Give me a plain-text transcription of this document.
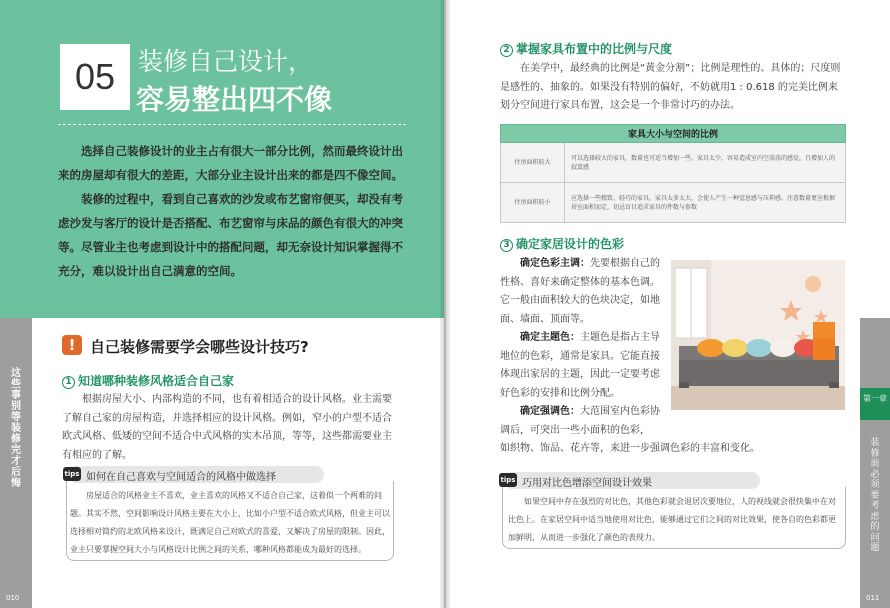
05 装修自己设计，
容易整出四不像

选择自己装修设计的业主占有很大一部分比例，然而最终设计出来的房屋却有很大的差距，大部分业主设计出来的都是四不像空间。

装修的过程中，看到自己喜欢的沙发或布艺窗帘便买，却没有考虑沙发与客厅的设计是否搭配、布艺窗帘与床品的颜色有很大的冲突等。尽管业主也考虑到设计中的搭配问题，却无奈设计知识掌握得不充分，难以设计出自己满意的空间。

这些事别等装修完才后悔
010
! 自己装修需要学会哪些设计技巧?
1 知道哪种装修风格适合自己家

根据房屋大小、内部构造的不同，也有着相适合的设计风格。业主需要了解自己家的房屋构造，并选择相应的设计风格。例如，窄小的户型不适合欧式风格、低矮的空间不适合中式风格的实木吊顶，等等，这些都需要业主有相应的了解。

tips 如何在自己喜欢与空间适合的风格中做选择

房屋适合的风格业主不喜欢，业主喜欢的风格又不适合自己家，这着似一个两难的问题。其实不然，空间影响设计风格主要在大小上，比如小户型不适合欧式风格，但业主可以选择相对简约的北欧风格来设计，既满足自己对欧式的喜爱，又解决了房屋的限制。因此，业主只要掌握空间大小与风格设计比例之间的关系，哪种风格都能成为最好的选择。

装修前必须要考虑的问题
第一章
011
2 掌握家具布置中的比例与尺度

在美学中，最经典的比例是“黄金分割”；比例是理性的、具体的；尺度则是感性的、抽象的。如果没有特别的偏好，不妨就用1 : 0.618 的完美比例来划分空间进行家具布置，这会是一个非常讨巧的办法。

家具大小与空间的比例	
住房面积较大	可以选择较大的家具，数量也可适当增加一些，家具太少，容易造成室内空荡荡的感觉，且增加人的寂寞感
住房面积较小	应选择一些精致、轻巧的家具。家具太多太大，会使人产生一种窒息感与压抑感。注意数量更应根据居室面积而定，切忌盲目追求家具的件数与套数
3 确定家居设计的色彩

确定色彩主调：先要根据自己的性格、喜好来确定整体的基本色调。它一般由面积较大的色块决定，如地面、墙面、顶面等。

确定主题色：主题色是指占主导地位的色彩，通常是家具。它能直接体现出家居的主题，因此一定要考虑好色彩的安排和比例分配。

确定强调色：大范围室内色彩协调后，可突出一些小面积的色彩，

如织物、饰品、花卉等，来进一步强调色彩的丰富和变化。

tips 巧用对比色增添空间设计效果

如果空间中存在强烈的对比色，其他色彩就会退居次要地位，人的视线就会很快集中在对比色上。在家居空间中适当地使用对比色，能够通过它们之间的对比效果，使各自的色彩都更加鲜明，从而进一步强化了颜色的表现力。
